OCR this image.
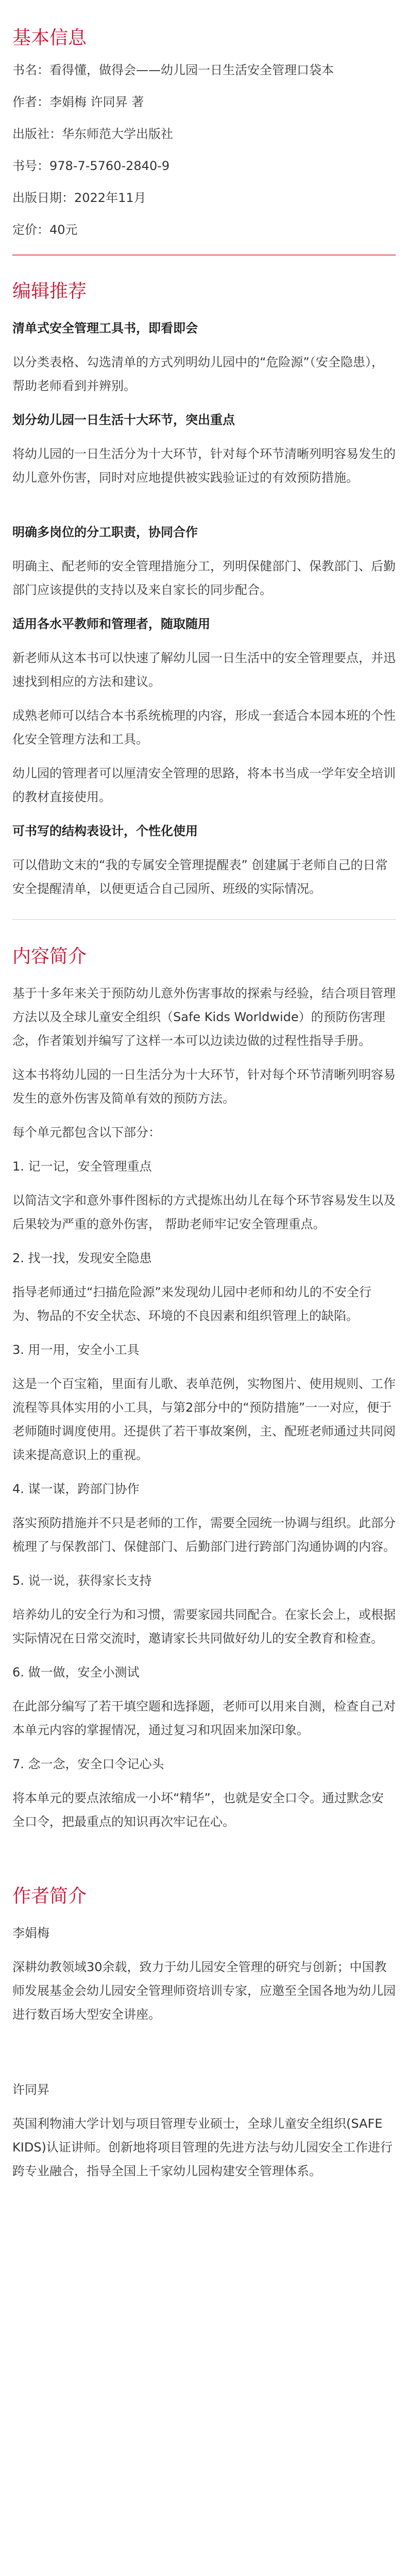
基本信息

书名：看得懂，做得会——幼儿园一日生活安全管理口袋本

作者：李娟梅 许同昇 著

出版社：华东师范大学出版社

书号：978-7-5760-2840-9

出版日期：2022年11月

定价：40元

编辑推荐

清单式安全管理工具书，即看即会

以分类表格、勾选清单的方式列明幼儿园中的“危险源”（安全隐患），帮助老师看到并辨别。

划分幼儿园一日生活十大环节，突出重点

将幼儿园的一日生活分为十大环节，针对每个环节清晰列明容易发生的幼儿意外伤害，同时对应地提供被实践验证过的有效预防措施。

明确多岗位的分工职责，协同合作

明确主、配老师的安全管理措施分工，列明保健部门、保教部门、后勤部门应该提供的支持以及来自家长的同步配合。

适用各水平教师和管理者，随取随用

新老师从这本书可以快速了解幼儿园一日生活中的安全管理要点，并迅速找到相应的方法和建议。

成熟老师可以结合本书系统梳理的内容，形成一套适合本园本班的个性化安全管理方法和工具。

幼儿园的管理者可以厘清安全管理的思路，将本书当成一学年安全培训的教材直接使用。

可书写的结构表设计，个性化使用

可以借助文末的“我的专属安全管理提醒表” 创建属于老师自己的日常安全提醒清单，以便更适合自己园所、班级的实际情况。

内容简介

基于十多年来关于预防幼儿意外伤害事故的探索与经验，结合项目管理方法以及全球儿童安全组织（Safe Kids Worldwide）的预防伤害理念，作者策划并编写了这样一本可以边读边做的过程性指导手册。

这本书将幼儿园的一日生活分为十大环节，针对每个环节清晰列明容易发生的意外伤害及简单有效的预防方法。

每个单元都包含以下部分：

1. 记一记，安全管理重点

以简洁文字和意外事件图标的方式提炼出幼儿在每个环节容易发生以及后果较为严重的意外伤害， 帮助老师牢记安全管理重点。

2. 找一找，发现安全隐患

指导老师通过“扫描危险源”来发现幼儿园中老师和幼儿的不安全行为、物品的不安全状态、环境的不良因素和组织管理上的缺陷。

3. 用一用，安全小工具

这是一个百宝箱，里面有儿歌、表单范例，实物图片、使用规则、工作流程等具体实用的小工具，与第2部分中的“预防措施”一一对应，便于老师随时调度使用。还提供了若干事故案例，主、配班老师通过共同阅读来提高意识上的重视。

4. 谋一谋，跨部门协作

落实预防措施并不只是老师的工作，需要全园统一协调与组织。此部分梳理了与保教部门、保健部门、后勤部门进行跨部门沟通协调的内容。

5. 说一说，获得家长支持

培养幼儿的安全行为和习惯，需要家园共同配合。在家长会上，或根据实际情况在日常交流时，邀请家长共同做好幼儿的安全教育和检查。

6. 做一做，安全小测试

在此部分编写了若干填空题和选择题，老师可以用来自测，检查自己对本单元内容的掌握情况，通过复习和巩固来加深印象。

7. 念一念，安全口令记心头

将本单元的要点浓缩成一小坏“精华”，也就是安全口令。通过默念安全口令，把最重点的知识再次牢记在心。

作者简介

李娟梅

深耕幼教领域30余载，致力于幼儿园安全管理的研究与创新；中国教师发展基金会幼儿园安全管理师资培训专家，应邀至全国各地为幼儿园进行数百场大型安全讲座。

许同昇

英国利物浦大学计划与项目管理专业硕士，全球儿童安全组织(SAFE KIDS)认证讲师。创新地将项目管理的先进方法与幼儿园安全工作进行跨专业融合，指导全国上千家幼儿园构建安全管理体系。
